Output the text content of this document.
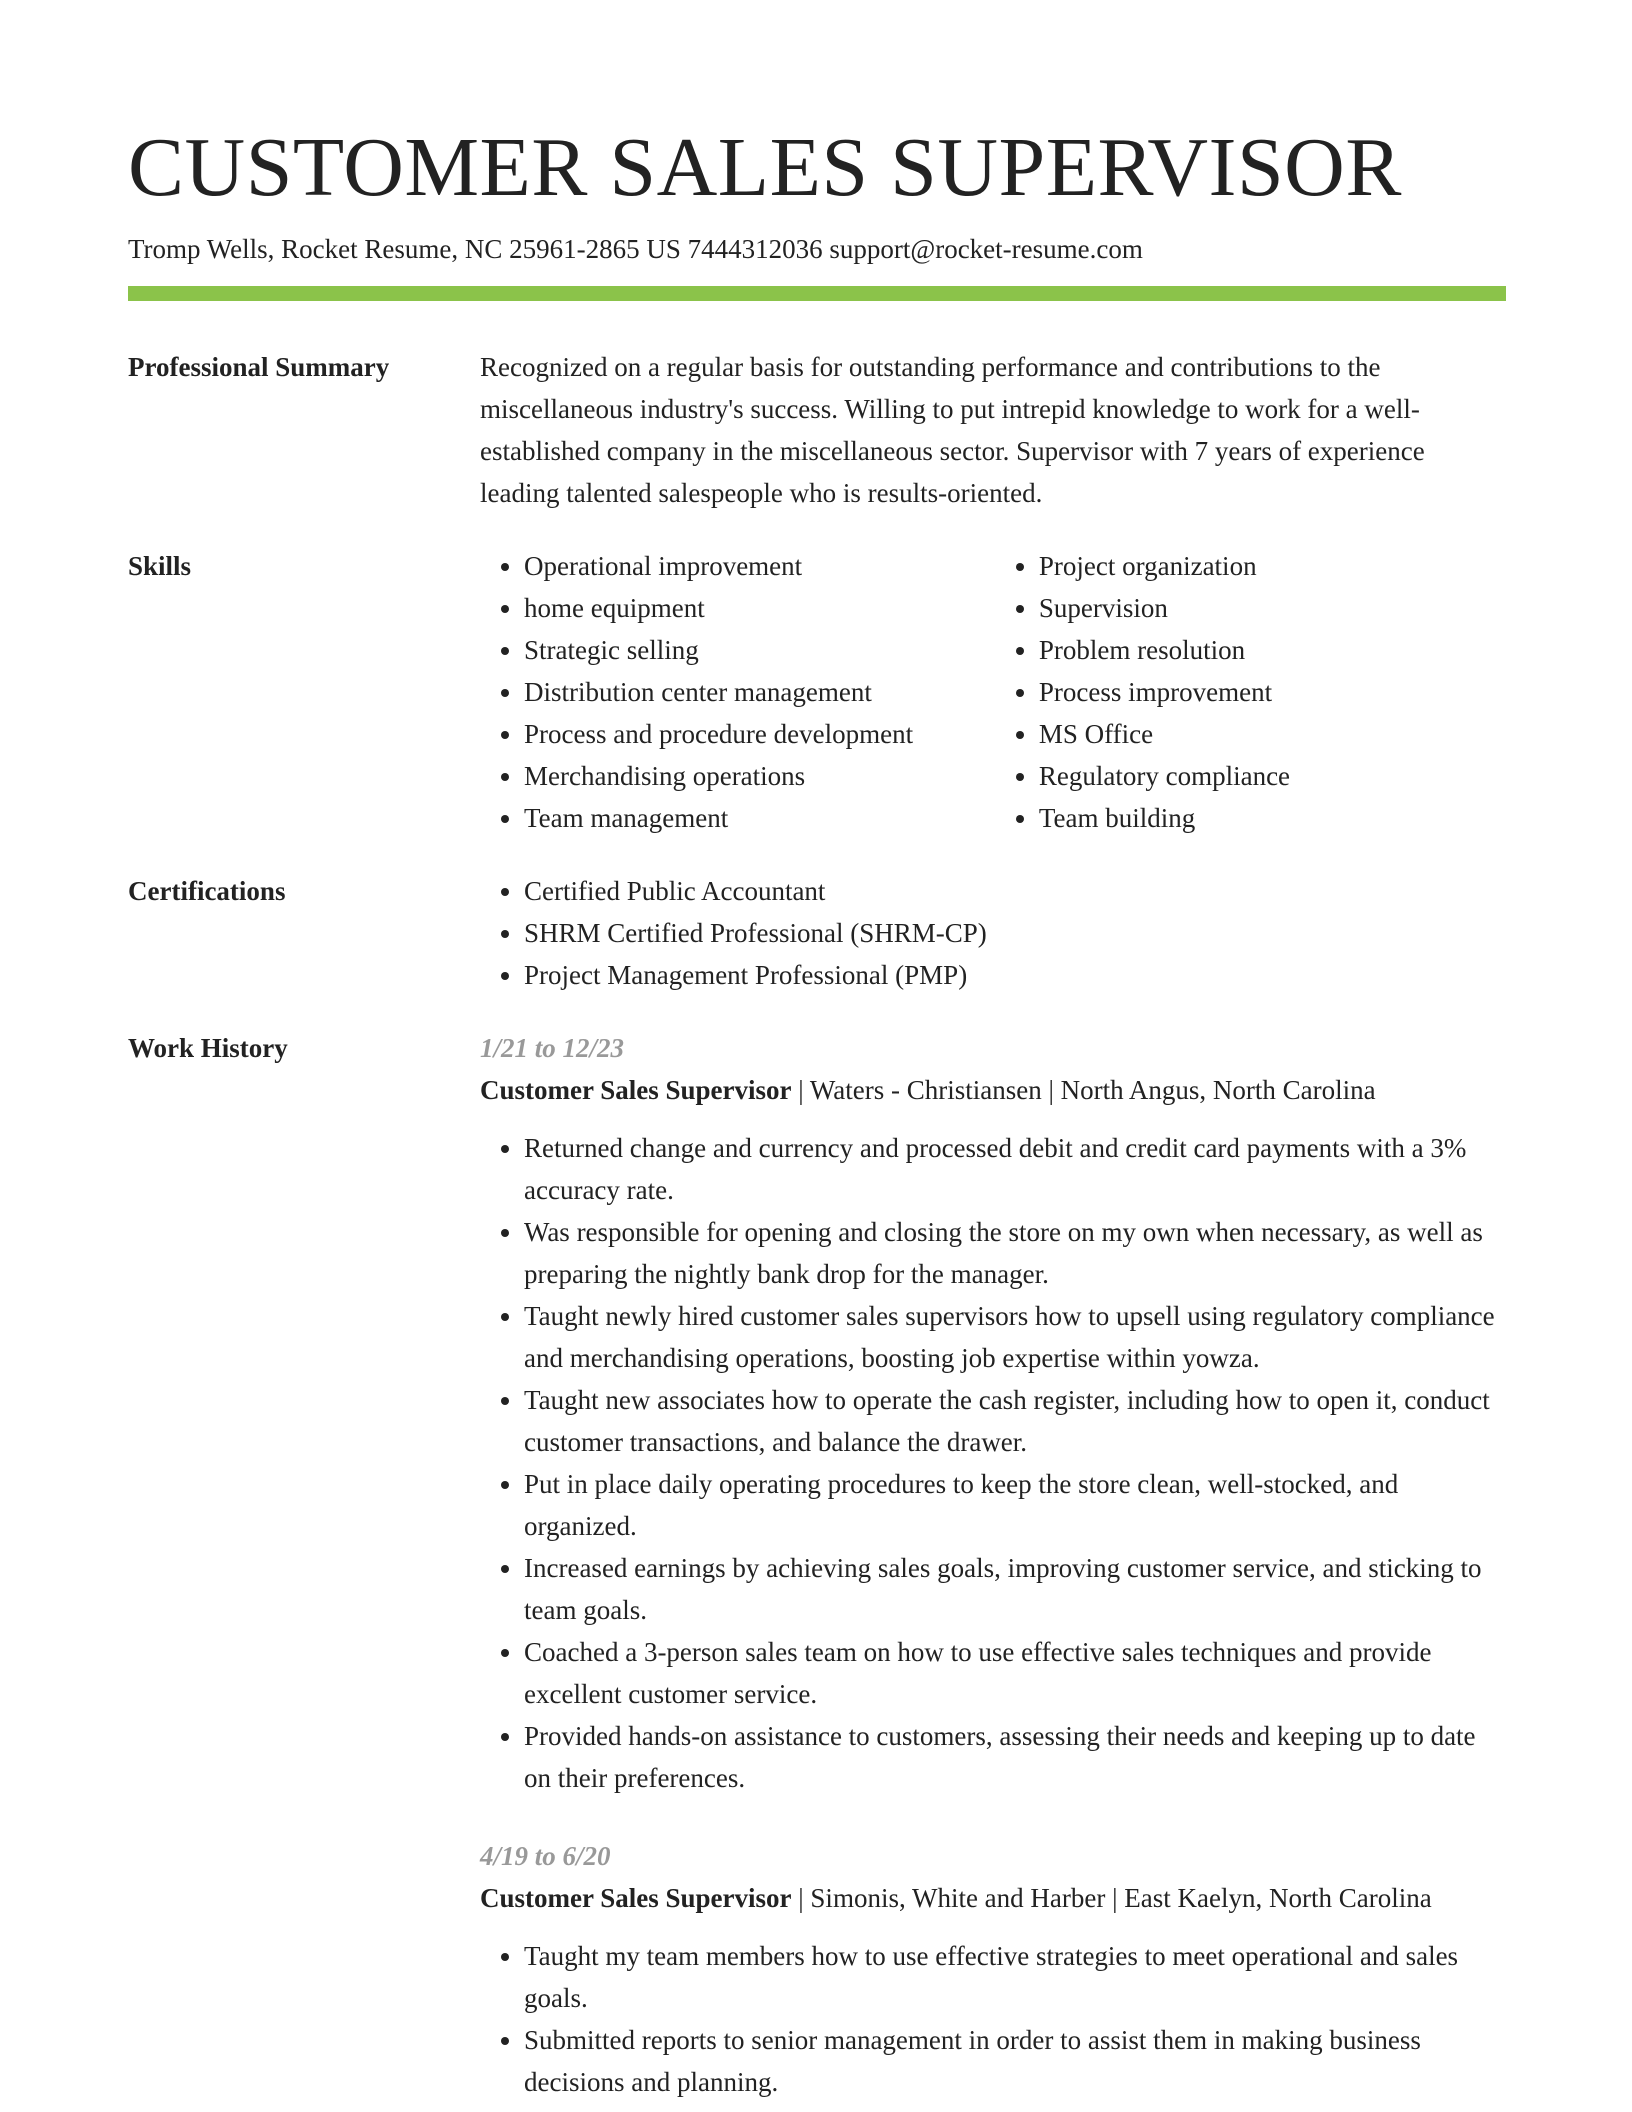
CUSTOMER SALES SUPERVISOR
Tromp Wells, Rocket Resume, NC 25961-2865 US 7444312036 support@rocket-resume.com
Professional Summary	Recognized on a regular basis for outstanding performance and contributions to the miscellaneous industry's success. Willing to put intrepid knowledge to work for a well-established company in the miscellaneous sector. Supervisor with 7 years of experience leading talented salespeople who is results-oriented.

Skills	• Operational improvement
• home equipment
• Strategic selling
• Distribution center management
• Process and procedure development
• Merchandising operations
• Team management
• Project organization
• Supervision
• Problem resolution
• Process improvement
• MS Office
• Regulatory compliance
• Team building
Certifications	• Certified Public Accountant
• SHRM Certified Professional (SHRM-CP)
• Project Management Professional (PMP)
Work History	1/21 to 12/23
Customer Sales Supervisor | Waters - Christiansen | North Angus, North Carolina
• Returned change and currency and processed debit and credit card payments with a 3% accuracy rate.
• Was responsible for opening and closing the store on my own when necessary, as well as preparing the nightly bank drop for the manager.
• Taught newly hired customer sales supervisors how to upsell using regulatory compliance and merchandising operations, boosting job expertise within yowza.
• Taught new associates how to operate the cash register, including how to open it, conduct customer transactions, and balance the drawer.
• Put in place daily operating procedures to keep the store clean, well-stocked, and organized.
• Increased earnings by achieving sales goals, improving customer service, and sticking to team goals.
• Coached a 3-person sales team on how to use effective sales techniques and provide excellent customer service.
• Provided hands-on assistance to customers, assessing their needs and keeping up to date on their preferences.
4/19 to 6/20
Customer Sales Supervisor | Simonis, White and Harber | East Kaelyn, North Carolina
• Taught my team members how to use effective strategies to meet operational and sales goals.
• Submitted reports to senior management in order to assist them in making business decisions and planning.
